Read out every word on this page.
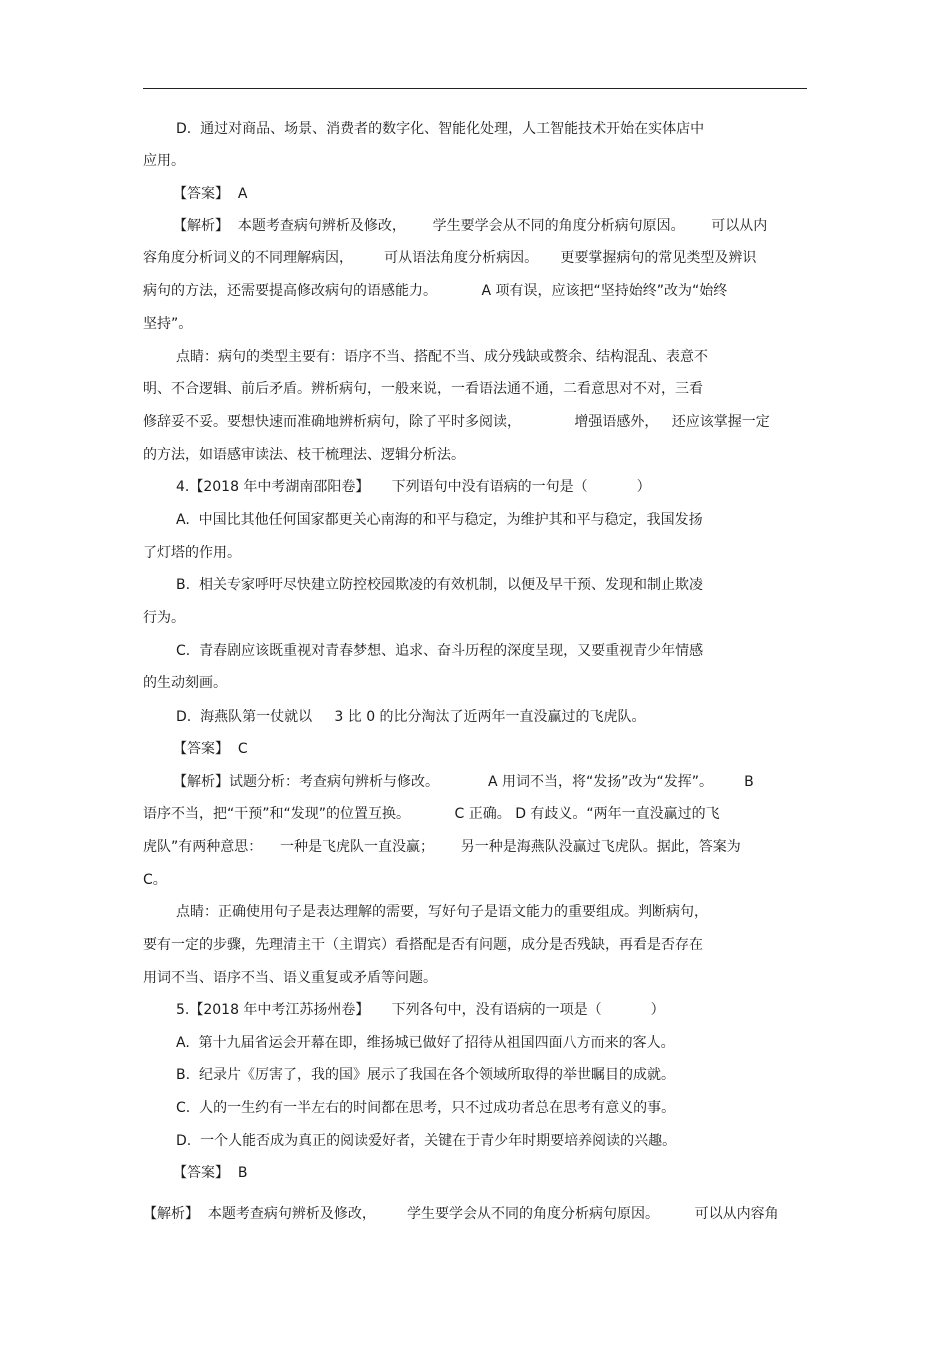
D.  通过对商品、场景、消费者的数字化、智能化处理，人工智能技术开始在实体店中
应用。
【答案】  A
【解析】  本题考查病句辨析及修改，      学生要学会从不同的角度分析病句原因。      可以从内
容角度分析词义的不同理解病因，       可从语法角度分析病因。     更要掌握病句的常见类型及辨识
病句的方法，还需要提高修改病句的语感能力。          A 项有误，应该把“坚持始终”改为“始终
坚持”。
点睛：病句的类型主要有：语序不当、搭配不当、成分残缺或赘余、结构混乱、表意不
明、不合逻辑、前后矛盾。辨析病句，一般来说，一看语法通不通，二看意思对不对，三看
修辞妥不妥。要想快速而准确地辨析病句，除了平时多阅读，            增强语感外，   还应该掌握一定
的方法，如语感审读法、枝干梳理法、逻辑分析法。
4.【2018 年中考湖南邵阳卷】     下列语句中没有语病的一句是（           ）
A.  中国比其他任何国家都更关心南海的和平与稳定，为维护其和平与稳定，我国发扬
了灯塔的作用。
B.  相关专家呼吁尽快建立防控校园欺凌的有效机制，以便及早干预、发现和制止欺凌
行为。
C.  青春剧应该既重视对青春梦想、追求、奋斗历程的深度呈现，又要重视青少年情感
的生动刻画。
D.  海燕队第一仗就以     3 比 0 的比分淘汰了近两年一直没赢过的飞虎队。
【答案】  C
【解析】试题分析：考查病句辨析与修改。           A 用词不当，将“发扬”改为“发挥”。       B
语序不当，把“干预”和“发现”的位置互换。          C 正确。 D 有歧义。“两年一直没赢过的飞
虎队”有两种意思：    一种是飞虎队一直没赢；      另一种是海燕队没赢过飞虎队。据此，答案为
C。
点睛：正确使用句子是表达理解的需要，写好句子是语文能力的重要组成。判断病句，
要有一定的步骤，先理清主干（主谓宾）看搭配是否有问题，成分是否残缺，再看是否存在
用词不当、语序不当、语义重复或矛盾等问题。
5.【2018 年中考江苏扬州卷】     下列各句中，没有语病的一项是（           ）
A.  第十九届省运会开幕在即，维扬城已做好了招待从祖国四面八方而来的客人。
B.  纪录片《厉害了，我的国》展示了我国在各个领域所取得的举世瞩目的成就。
C.  人的一生约有一半左右的时间都在思考，只不过成功者总在思考有意义的事。
D.  一个人能否成为真正的阅读爱好者，关键在于青少年时期要培养阅读的兴趣。
【答案】  B
【解析】  本题考查病句辨析及修改，       学生要学会从不同的角度分析病句原因。        可以从内容角
